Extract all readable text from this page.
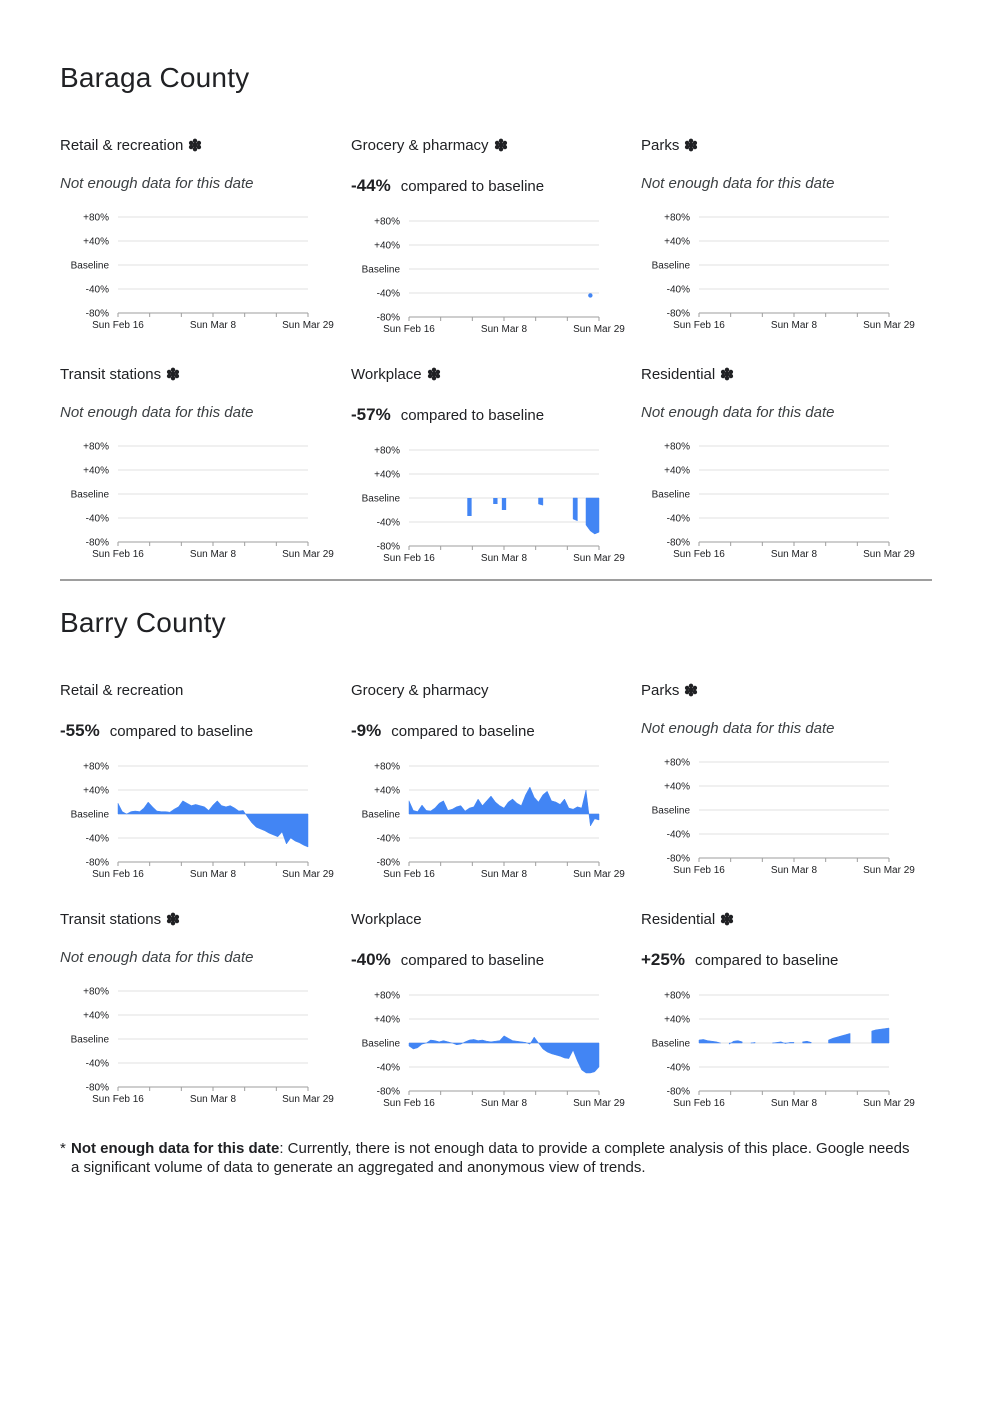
Baraga County
Retail & recreation
Not enough data for this date
+80%
+40%
Baseline
-40%
-80%
Sun Feb 16	Sun Mar 8	Sun Mar 29
Grocery & pharmacy
-44% compared to baseline
+80%
+40%
Baseline
-40%
-80%
Sun Feb 16	Sun Mar 8	Sun Mar 29
Parks
Not enough data for this date
+80%
+40%
Baseline
-40%
-80%
Sun Feb 16	Sun Mar 8	Sun Mar 29
Transit stations
Not enough data for this date
+80%
+40%
Baseline
-40%
-80%
Sun Feb 16	Sun Mar 8	Sun Mar 29
Workplace
-57% compared to baseline
+80%
+40%
Baseline
-40%
-80%
Sun Feb 16	Sun Mar 8	Sun Mar 29
Residential
Not enough data for this date
+80%
+40%
Baseline
-40%
-80%
Sun Feb 16	Sun Mar 8	Sun Mar 29
Barry County
Retail & recreation
-55% compared to baseline
+80%
+40%
Baseline
-40%
-80%
Sun Feb 16	Sun Mar 8	Sun Mar 29
Grocery & pharmacy
-9% compared to baseline
+80%
+40%
Baseline
-40%
-80%
Sun Feb 16	Sun Mar 8	Sun Mar 29
Parks
Not enough data for this date
+80%
+40%
Baseline
-40%
-80%
Sun Feb 16	Sun Mar 8	Sun Mar 29
Transit stations
Not enough data for this date
+80%
+40%
Baseline
-40%
-80%
Sun Feb 16	Sun Mar 8	Sun Mar 29
Workplace
-40% compared to baseline
+80%
+40%
Baseline
-40%
-80%
Sun Feb 16	Sun Mar 8	Sun Mar 29
Residential
+25% compared to baseline
+80%
+40%
Baseline
-40%
-80%
Sun Feb 16	Sun Mar 8	Sun Mar 29
* Not enough data for this date: Currently, there is not enough data to provide a complete analysis of this place. Google needs a significant volume of data to generate an aggregated and anonymous view of trends.
